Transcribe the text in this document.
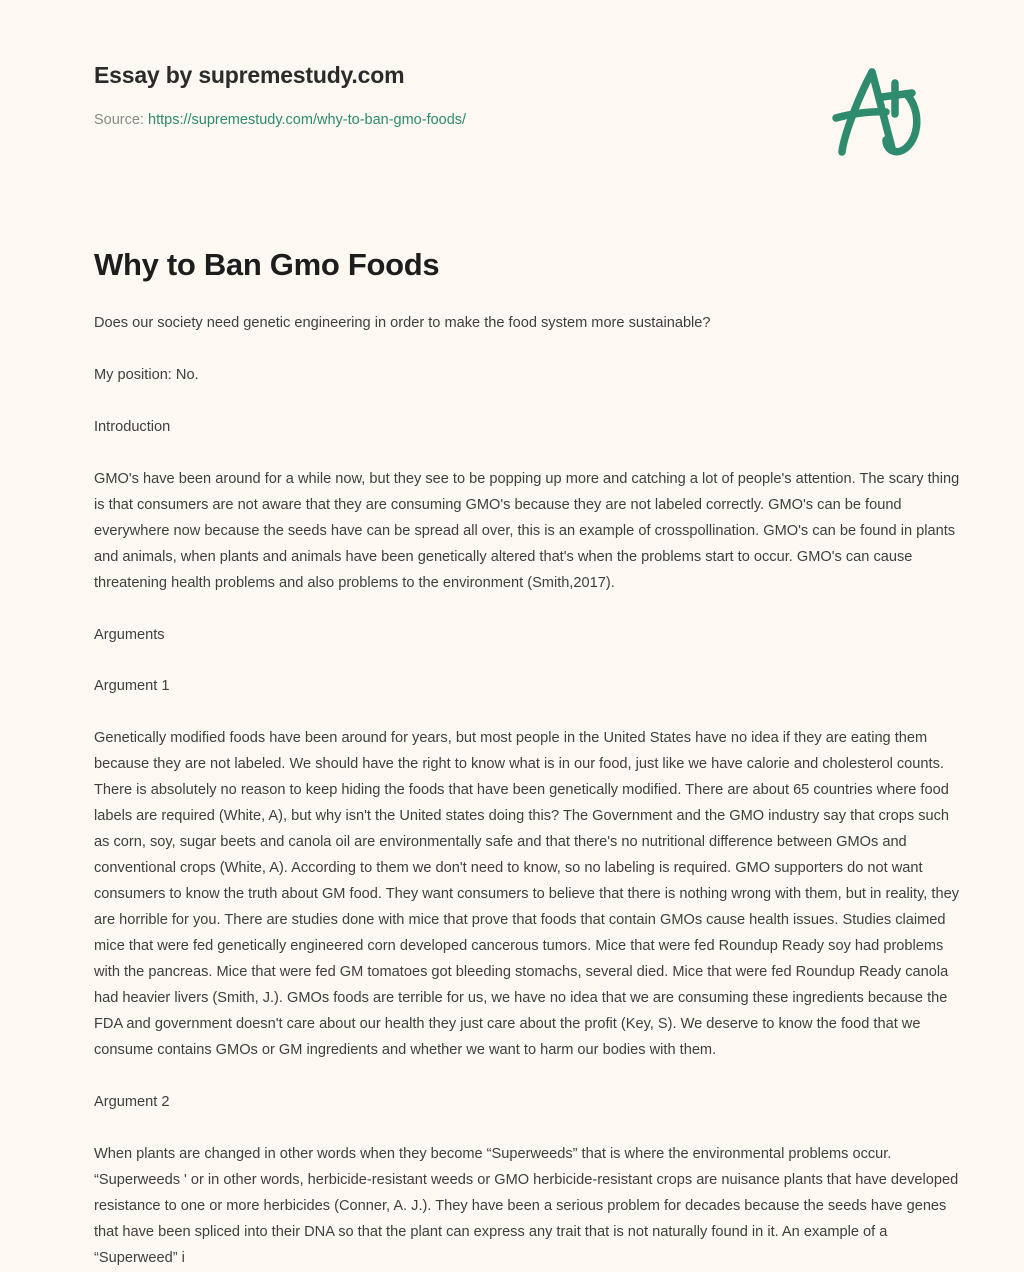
Essay by supremestudy.com
Source: https://supremestudy.com/why-to-ban-gmo-foods/
Why to Ban Gmo Foods

Does our society need genetic engineering in order to make the food system more sustainable?

My position: No.

Introduction

GMO's have been around for a while now, but they see to be popping up more and catching a lot of people's attention. The scary thing is that consumers are not aware that they are consuming GMO's because they are not labeled correctly. GMO's can be found everywhere now because the seeds have can be spread all over, this is an example of crosspollination. GMO's can be found in plants and animals, when plants and animals have been genetically altered that's when the problems start to occur. GMO's can cause threatening health problems and also problems to the environment (Smith,2017).

Arguments

Argument 1

Genetically modified foods have been around for years, but most people in the United States have no idea if they are eating them because they are not labeled. We should have the right to know what is in our food, just like we have calorie and cholesterol counts. There is absolutely no reason to keep hiding the foods that have been genetically modified. There are about 65 countries where food labels are required (White, A), but why isn't the United states doing this? The Government and the GMO industry say that crops such as corn, soy, sugar beets and canola oil are environmentally safe and that there's no nutritional difference between GMOs and conventional crops (White, A). According to them we don't need to know, so no labeling is required. GMO supporters do not want consumers to know the truth about GM food. They want consumers to believe that there is nothing wrong with them, but in reality, they are horrible for you. There are studies done with mice that prove that foods that contain GMOs cause health issues. Studies claimed mice that were fed genetically engineered corn developed cancerous tumors. Mice that were fed Roundup Ready soy had problems with the pancreas. Mice that were fed GM tomatoes got bleeding stomachs, several died. Mice that were fed Roundup Ready canola had heavier livers (Smith, J.). GMOs foods are terrible for us, we have no idea that we are consuming these ingredients because the FDA and government doesn't care about our health they just care about the profit (Key, S). We deserve to know the food that we consume contains GMOs or GM ingredients and whether we want to harm our bodies with them.

Argument 2

When plants are changed in other words when they become “Superweeds” that is where the environmental problems occur. “Superweeds ' or in other words, herbicide-resistant weeds or GMO herbicide-resistant crops are nuisance plants that have developed resistance to one or more herbicides (Conner, A. J.). They have been a serious problem for decades because the seeds have genes that have been spliced into their DNA so that the plant can express any trait that is not naturally found in it. An example of a “Superweed” i
